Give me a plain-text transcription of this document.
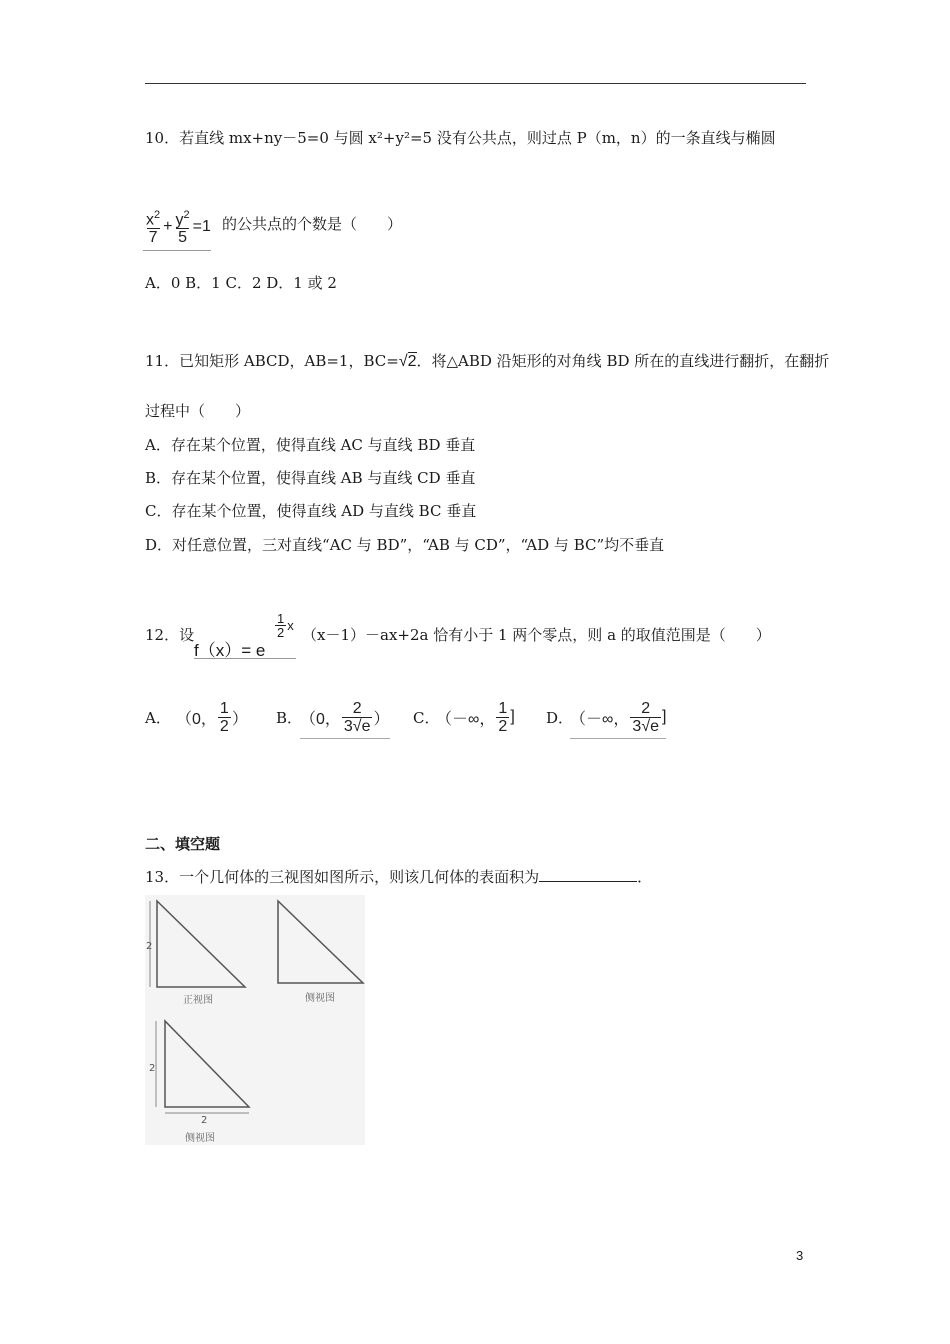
10．若直线 mx+ny－5=0 与圆 x²+y²=5 没有公共点，则过点 P（m，n）的一条直线与椭圆
$\frac{x^2}{7} + \frac{y^2}{5} =1$ 的公共点的个数是（　　）
A．0 B．1 C．2 D．1 或 2
11．已知矩形 ABCD，AB=1，BC=√2．将△ABD 沿矩形的对角线 BD 所在的直线进行翻折，在翻折
过程中（　　）
A．存在某个位置，使得直线 AC 与直线 BD 垂直
B．存在某个位置，使得直线 AB 与直线 CD 垂直
C．存在某个位置，使得直线 AD 与直线 BC 垂直
D．对任意位置，三对直线“AC 与 BD”，“AB 与 CD”，“AD 与 BC”均不垂直
12．设
f（x）= e
$\frac{1}{2}$ x
（x－1）－ax+2a 恰有小于 1 两个零点，则 a 的取值范围是（　　）
A． （0， $\frac{1}{2}$ ） B．
（0， $\frac{2}{3√e}$ ） C．
（－∞， $\frac{1}{2}$ ] D．
（－∞， $\frac{2}{3√e}$ ]
二、填空题
13．一个几何体的三视图如图所示，则该几何体的表面积为	．
2
正视图	侧视图
2
2
侧视图
3
